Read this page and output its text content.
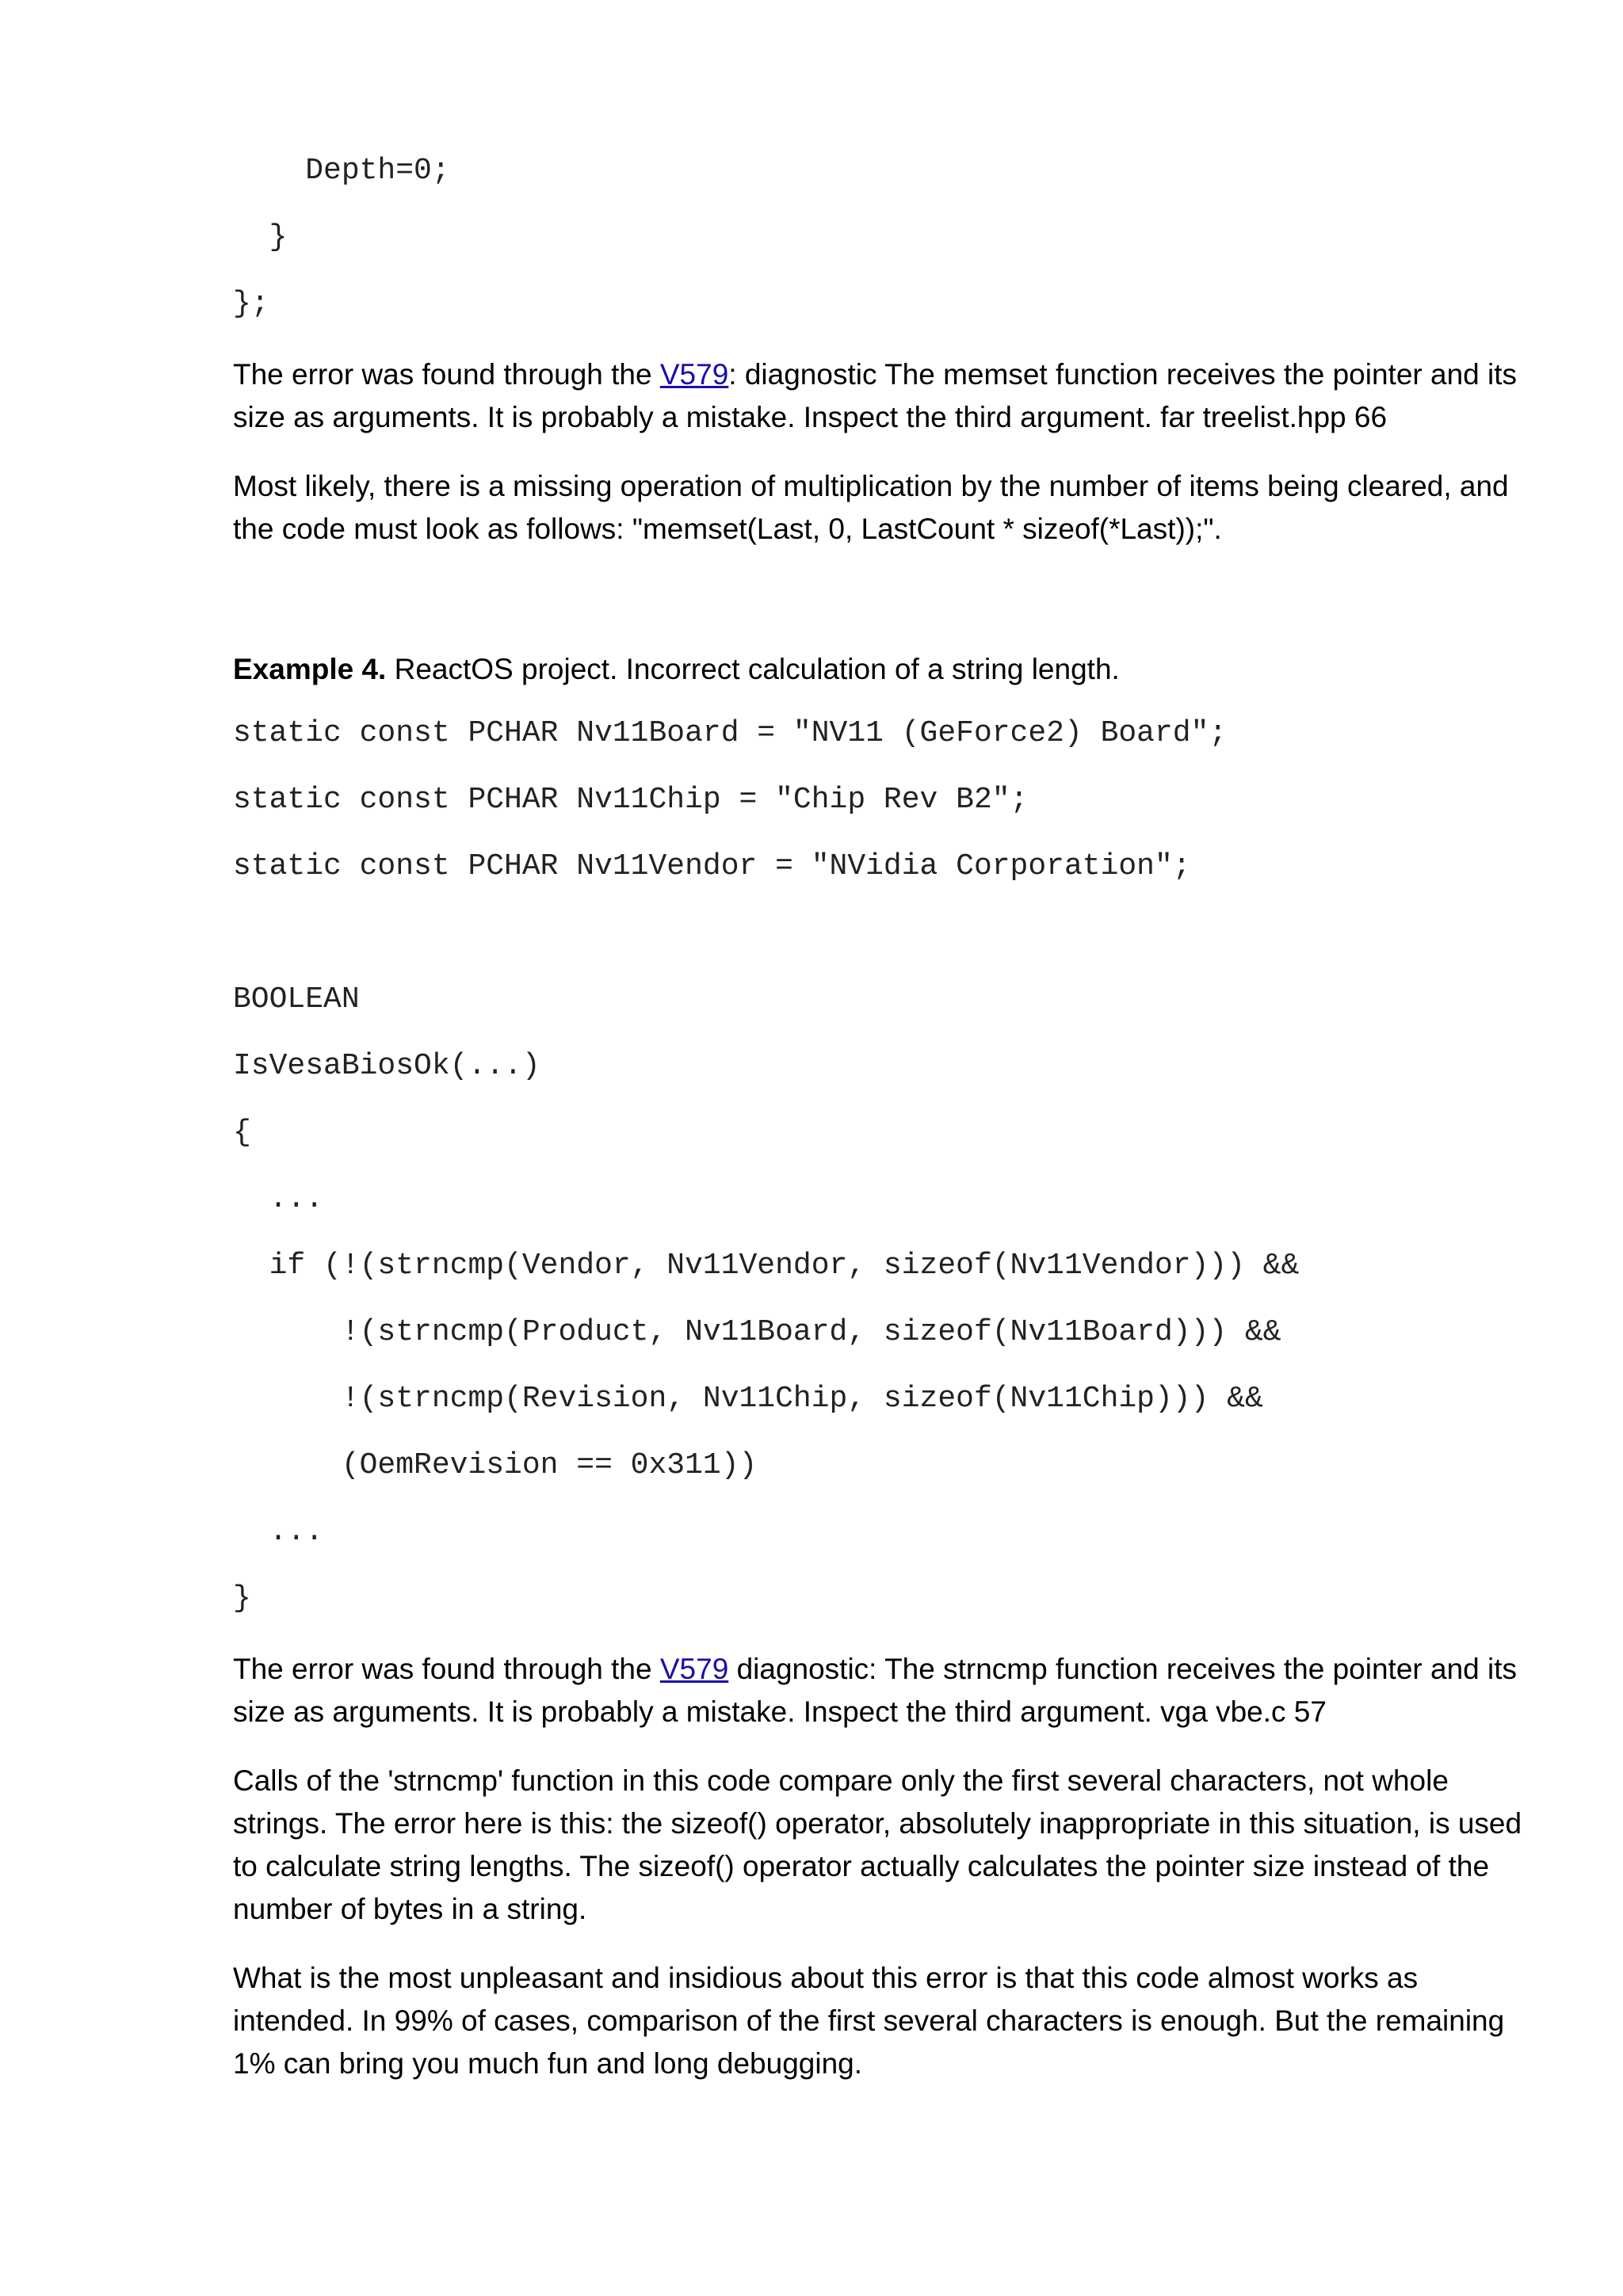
Depth=0;
}
};

The error was found through the V579: diagnostic The memset function receives the pointer and its size as arguments. It is probably a mistake. Inspect the third argument. far treelist.hpp 66

Most likely, there is a missing operation of multiplication by the number of items being cleared, and the code must look as follows: "memset(Last, 0, LastCount * sizeof(*Last));".

Example 4. ReactOS project. Incorrect calculation of a string length.

static const PCHAR Nv11Board = "NV11 (GeForce2) Board";
static const PCHAR Nv11Chip = "Chip Rev B2";
static const PCHAR Nv11Vendor = "NVidia Corporation";
BOOLEAN
IsVesaBiosOk(...)
{
...
if (!(strncmp(Vendor, Nv11Vendor, sizeof(Nv11Vendor))) &&
!(strncmp(Product, Nv11Board, sizeof(Nv11Board))) &&
!(strncmp(Revision, Nv11Chip, sizeof(Nv11Chip))) &&
(OemRevision == 0x311))
...
}

The error was found through the V579 diagnostic: The strncmp function receives the pointer and its size as arguments. It is probably a mistake. Inspect the third argument. vga vbe.c 57

Calls of the 'strncmp' function in this code compare only the first several characters, not whole strings. The error here is this: the sizeof() operator, absolutely inappropriate in this situation, is used to calculate string lengths. The sizeof() operator actually calculates the pointer size instead of the number of bytes in a string.

What is the most unpleasant and insidious about this error is that this code almost works as intended. In 99% of cases, comparison of the first several characters is enough. But the remaining 1% can bring you much fun and long debugging.
